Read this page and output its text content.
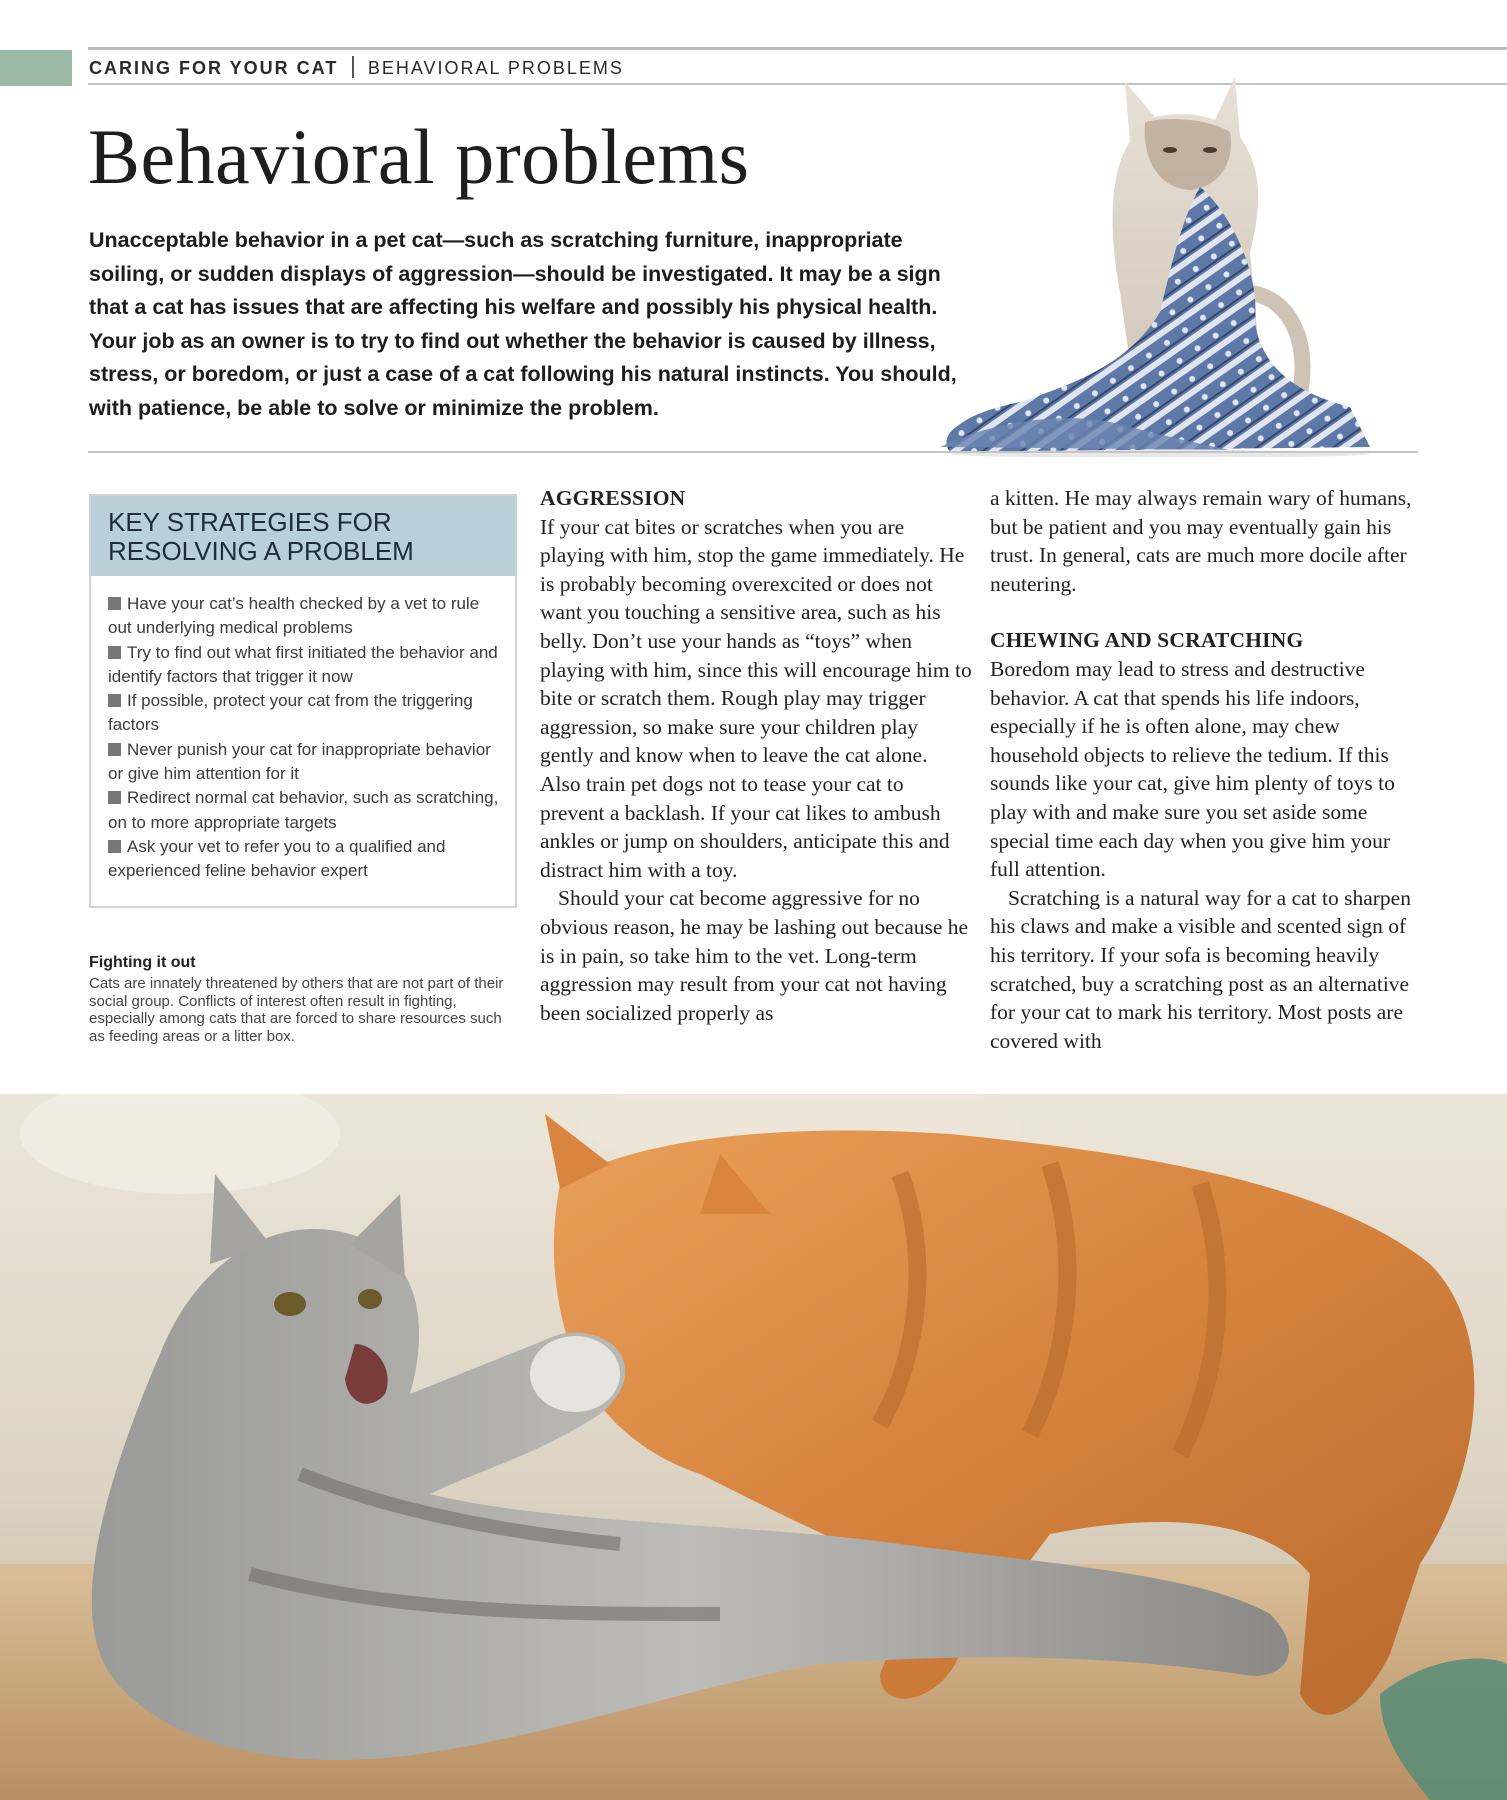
CARING FOR YOUR CAT BEHAVIORAL PROBLEMS
Behavioral problems

Unacceptable behavior in a pet cat—such as scratching furniture, inappropriate soiling, or sudden displays of aggression—should be investigated. It may be a sign that a cat has issues that are affecting his welfare and possibly his physical health. Your job as an owner is to try to find out whether the behavior is caused by illness, stress, or boredom, or just a case of a cat following his natural instincts. You should, with patience, be able to solve or minimize the problem.

KEY STRATEGIES FOR
RESOLVING A PROBLEM
Have your cat’s health checked by a vet to rule out underlying medical problems
Try to find out what first initiated the behavior and identify factors that trigger it now
If possible, protect your cat from the triggering factors
Never punish your cat for inappropriate behavior or give him attention for it
Redirect normal cat behavior, such as scratching, on to more appropriate targets
Ask your vet to refer you to a qualified and experienced feline behavior expert
Fighting it out

Cats are innately threatened by others that are not part of their social group. Conflicts of interest often result in fighting, especially among cats that are forced to share resources such as feeding areas or a litter box.

AGGRESSION

If your cat bites or scratches when you are playing with him, stop the game immediately. He is probably becoming overexcited or does not want you touching a sensitive area, such as his belly. Don’t use your hands as “toys” when playing with him, since this will encourage him to bite or scratch them. Rough play may trigger aggression, so make sure your children play gently and know when to leave the cat alone. Also train pet dogs not to tease your cat to prevent a backlash. If your cat likes to ambush ankles or jump on shoulders, anticipate this and distract him with a toy.

Should your cat become aggressive for no obvious reason, he may be lashing out because he is in pain, so take him to the vet. Long-term aggression may result from your cat not having been socialized properly as

a kitten. He may always remain wary of humans, but be patient and you may eventually gain his trust. In general, cats are much more docile after neutering.

CHEWING AND SCRATCHING

Boredom may lead to stress and destructive behavior. A cat that spends his life indoors, especially if he is often alone, may chew household objects to relieve the tedium. If this sounds like your cat, give him plenty of toys to play with and make sure you set aside some special time each day when you give him your full attention.

Scratching is a natural way for a cat to sharpen his claws and make a visible and scented sign of his territory. If your sofa is becoming heavily scratched, buy a scratching post as an alternative for your cat to mark his territory. Most posts are covered with
